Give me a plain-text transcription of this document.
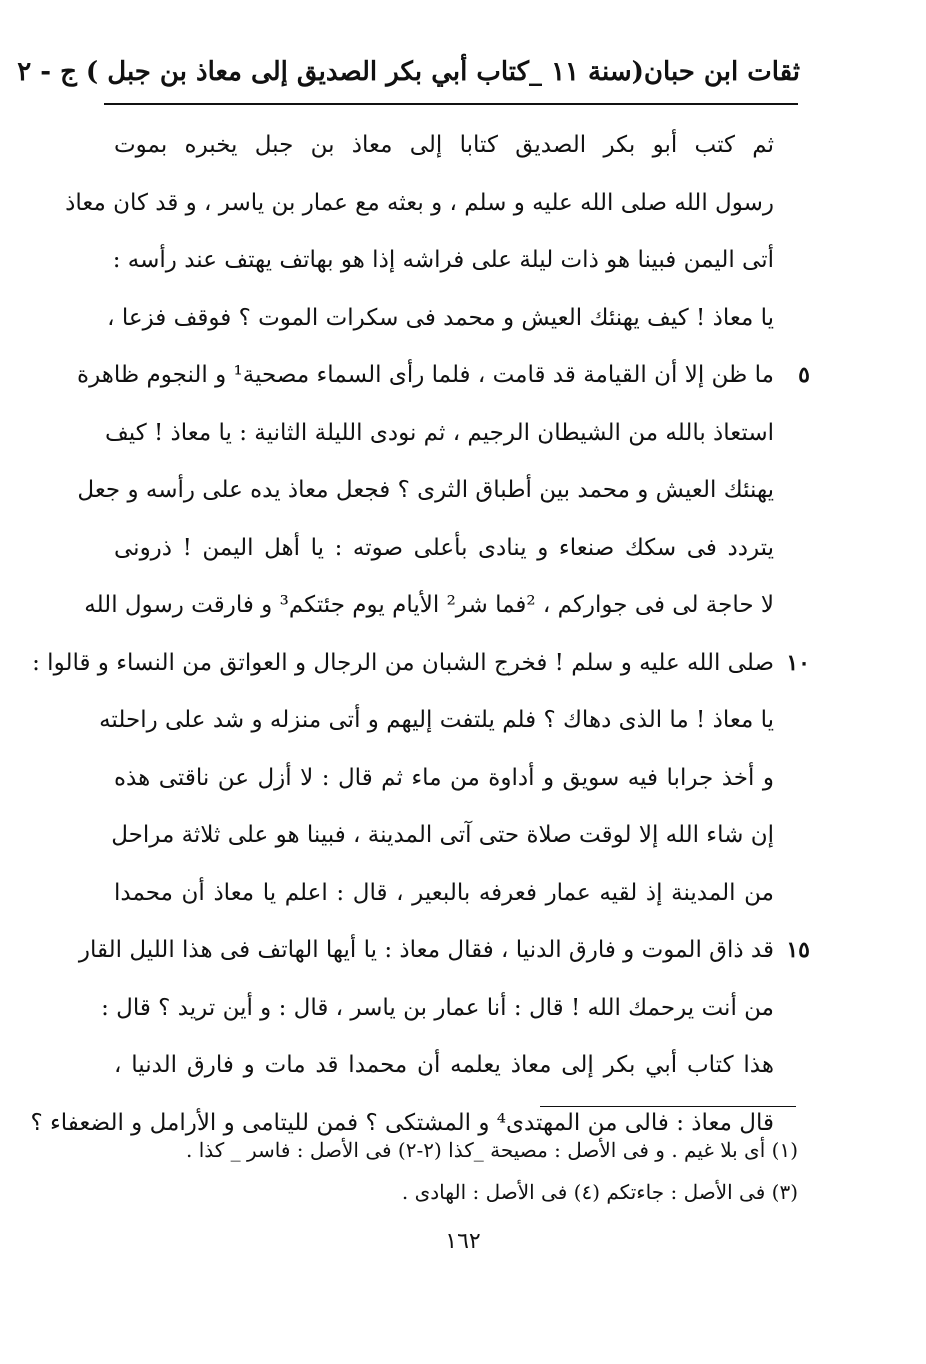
ثقات ابن حبان(سنة ١١ _كتاب أبي بكر الصديق إلى معاذ بن جبل ) ج - ٢
ثم كتب أبو بكر الصديق كتابا إلى معاذ بن جبل يخبره بموت
رسول الله صلى الله عليه و سلم ، و بعثه مع عمار بن ياسر ، و قد كان معاذ
أتى اليمن فبينا هو ذات ليلة على فراشه إذا هو بهاتف يهتف عند رأسه :
يا معاذ ! كيف يهنئك العيش و محمد فى سكرات الموت ؟ فوقف فزعا ،
ما ظن إلا أن القيامة قد قامت ، فلما رأى السماء مصحية¹ و النجوم ظاهرة	٥
استعاذ بالله من الشيطان الرجيم ، ثم نودى الليلة الثانية : يا معاذ ! كيف
يهنئك العيش و محمد بين أطباق الثرى ؟ فجعل معاذ يده على رأسه و جعل
يتردد فى سكك صنعاء و ينادى بأعلى صوته : يا أهل اليمن ! ذرونى
لا حاجة لى فى جواركم ، ²فما شر² الأيام يوم جئتكم³ و فارقت رسول الله
صلى الله عليه و سلم ! فخرج الشبان من الرجال و العواتق من النساء و قالوا : ١٠
يا معاذ ! ما الذى دهاك ؟ فلم يلتفت إليهم و أتى منزله و شد على راحلته
و أخذ جرابا فيه سويق و أداوة من ماء ثم قال : لا أزل عن ناقتى هذه
إن شاء الله إلا لوقت صلاة حتى آتى المدينة ، فبينا هو على ثلاثة مراحل
من المدينة إذ لقيه عمار فعرفه بالبعير ، قال : اعلم يا معاذ أن محمدا
قد ذاق الموت و فارق الدنيا ، فقال معاذ : يا أيها الهاتف فى هذا الليل القار ١٥
من أنت يرحمك الله ! قال : أنا عمار بن ياسر ، قال : و أين تريد ؟ قال :
هذا كتاب أبي بكر إلى معاذ يعلمه أن محمدا قد مات و فارق الدنيا ،
قال معاذ : فالى من المهتدى⁴ و المشتكى ؟ فمن لليتامى و الأرامل و الضعفاء ؟
(١) أى بلا غيم . و فى الأصل : مصيحة _كذا (٢-٢) فى الأصل : فاسر _ كذا .
(٣) فى الأصل : جاءتكم (٤) فى الأصل : الهادى .
١٦٢
